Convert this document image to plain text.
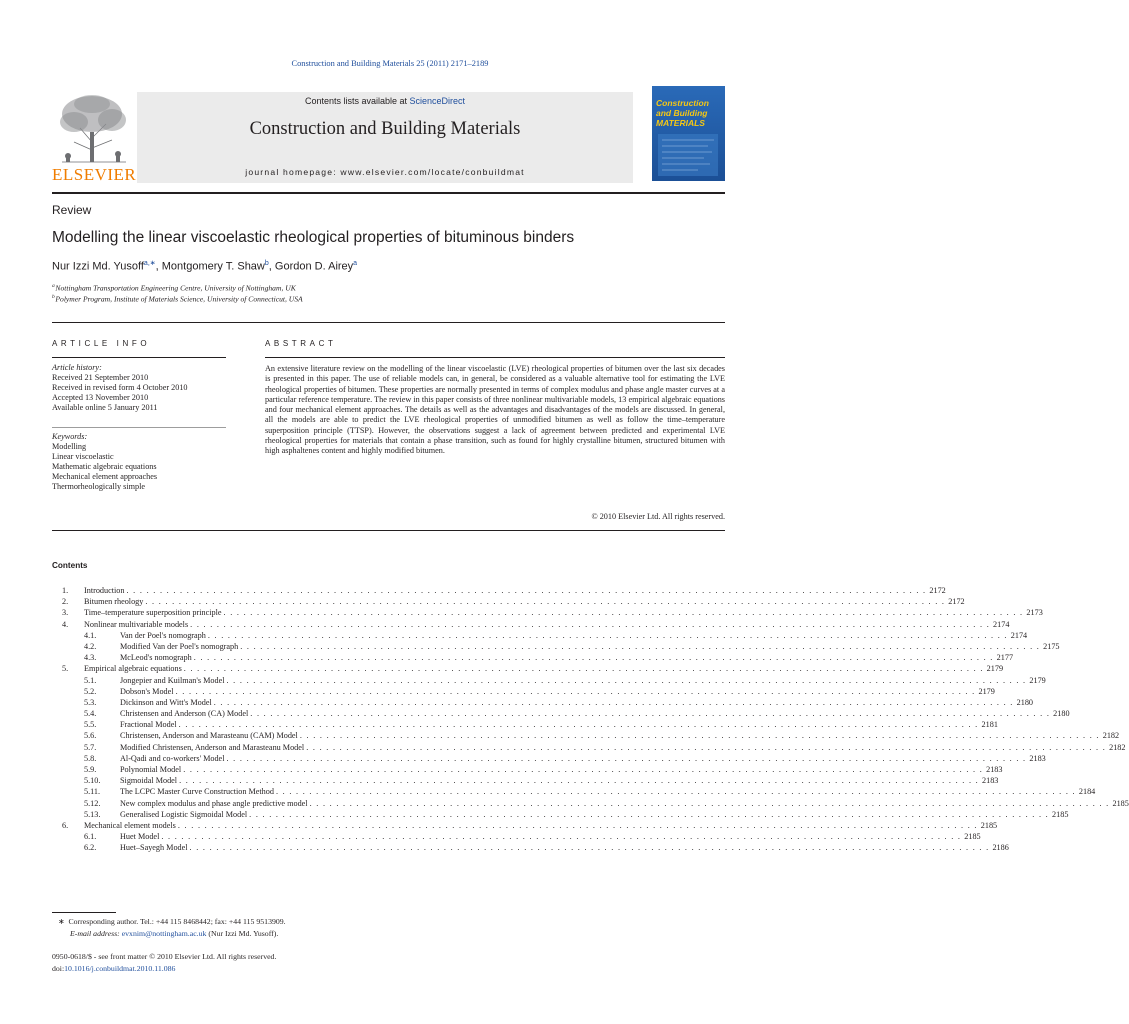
Construction and Building Materials 25 (2011) 2171–2189
ELSEVIER
Contents lists available at ScienceDirect
Construction and Building Materials
journal homepage: www.elsevier.com/locate/conbuildmat
Construction and Building MATERIALS
Review
Modelling the linear viscoelastic rheological properties of bituminous binders
Nur Izzi Md. Yusoff$^{a,∗}$, Montgomery T. Shaw$^b$, Gordon D. Airey$^a$
$^a$ Nottingham Transportation Engineering Centre, University of Nottingham, UK
$^b$ Polymer Program, Institute of Materials Science, University of Connecticut, USA
ARTICLE INFO
Article history:
Received 21 September 2010
Received in revised form 4 October 2010
Accepted 13 November 2010
Available online 5 January 2011
Keywords:
Modelling
Linear viscoelastic
Mathematic algebraic equations
Mechanical element approaches
Thermorheologically simple
ABSTRACT
An extensive literature review on the modelling of the linear viscoelastic (LVE) rheological properties of bitumen over the last six decades is presented in this paper. The use of reliable models can, in general, be considered as a valuable alternative tool for estimating the LVE rheological properties of bitumen. These properties are normally presented in terms of complex modulus and phase angle master curves at a particular reference temperature. The review in this paper consists of three nonlinear multivariable models, 13 empirical algebraic equations and four mechanical element approaches. The details as well as the advantages and disadvantages of the models are discussed. In general, all the models are able to predict the LVE rheological properties of unmodified bitumen as well as follow the time–temperature superposition principle (TTSP). However, the observations suggest a lack of agreement between predicted and experimental LVE rheological properties for materials that contain a phase transition, such as found for highly crystalline bitumen, structured bitumen with high asphaltenes content and highly modified bitumen.
© 2010 Elsevier Ltd. All rights reserved.
Contents
1.	Introduction . . . . . . . . . . . . . . . . . . . . . . . . . . . . . . . . . . . . . . . . . . . . . . . . . . . . . . . . . . . . . . . . . . . . . . . . . . . . . . . . . . . . . . . . . . . . . . . . . . . . . . . . . . . . . . . . . . . . . . . . 2172
2.	Bitumen rheology . . . . . . . . . . . . . . . . . . . . . . . . . . . . . . . . . . . . . . . . . . . . . . . . . . . . . . . . . . . . . . . . . . . . . . . . . . . . . . . . . . . . . . . . . . . . . . . . . . . . . . . . . . . . . . . . . . . . . . . . 2172
3.	Time–temperature superposition principle . . . . . . . . . . . . . . . . . . . . . . . . . . . . . . . . . . . . . . . . . . . . . . . . . . . . . . . . . . . . . . . . . . . . . . . . . . . . . . . . . . . . . . . . . . . . . . . . . . . . . . . . . . . . . . . . . . . . . . . . 2173
4.	Nonlinear multivariable models . . . . . . . . . . . . . . . . . . . . . . . . . . . . . . . . . . . . . . . . . . . . . . . . . . . . . . . . . . . . . . . . . . . . . . . . . . . . . . . . . . . . . . . . . . . . . . . . . . . . . . . . . . . . . . . . . . . . . . . . 2174
4.1.	Van der Poel's nomograph . . . . . . . . . . . . . . . . . . . . . . . . . . . . . . . . . . . . . . . . . . . . . . . . . . . . . . . . . . . . . . . . . . . . . . . . . . . . . . . . . . . . . . . . . . . . . . . . . . . . . . . . . . . . . . . . . . . . . . . . 2174
4.2.	Modified Van der Poel's nomograph . . . . . . . . . . . . . . . . . . . . . . . . . . . . . . . . . . . . . . . . . . . . . . . . . . . . . . . . . . . . . . . . . . . . . . . . . . . . . . . . . . . . . . . . . . . . . . . . . . . . . . . . . . . . . . . . . . . . . . . . 2175
4.3.	McLeod's nomograph . . . . . . . . . . . . . . . . . . . . . . . . . . . . . . . . . . . . . . . . . . . . . . . . . . . . . . . . . . . . . . . . . . . . . . . . . . . . . . . . . . . . . . . . . . . . . . . . . . . . . . . . . . . . . . . . . . . . . . . . 2177
5.	Empirical algebraic equations . . . . . . . . . . . . . . . . . . . . . . . . . . . . . . . . . . . . . . . . . . . . . . . . . . . . . . . . . . . . . . . . . . . . . . . . . . . . . . . . . . . . . . . . . . . . . . . . . . . . . . . . . . . . . . . . . . . . . . . . 2179
5.1.	Jongepier and Kuilman's Model . . . . . . . . . . . . . . . . . . . . . . . . . . . . . . . . . . . . . . . . . . . . . . . . . . . . . . . . . . . . . . . . . . . . . . . . . . . . . . . . . . . . . . . . . . . . . . . . . . . . . . . . . . . . . . . . . . . . . . . . 2179
5.2.	Dobson's Model . . . . . . . . . . . . . . . . . . . . . . . . . . . . . . . . . . . . . . . . . . . . . . . . . . . . . . . . . . . . . . . . . . . . . . . . . . . . . . . . . . . . . . . . . . . . . . . . . . . . . . . . . . . . . . . . . . . . . . . . 2179
5.3.	Dickinson and Witt's Model . . . . . . . . . . . . . . . . . . . . . . . . . . . . . . . . . . . . . . . . . . . . . . . . . . . . . . . . . . . . . . . . . . . . . . . . . . . . . . . . . . . . . . . . . . . . . . . . . . . . . . . . . . . . . . . . . . . . . . . . 2180
5.4.	Christensen and Anderson (CA) Model . . . . . . . . . . . . . . . . . . . . . . . . . . . . . . . . . . . . . . . . . . . . . . . . . . . . . . . . . . . . . . . . . . . . . . . . . . . . . . . . . . . . . . . . . . . . . . . . . . . . . . . . . . . . . . . . . . . . . . . . 2180
5.5.	Fractional Model . . . . . . . . . . . . . . . . . . . . . . . . . . . . . . . . . . . . . . . . . . . . . . . . . . . . . . . . . . . . . . . . . . . . . . . . . . . . . . . . . . . . . . . . . . . . . . . . . . . . . . . . . . . . . . . . . . . . . . . . 2181
5.6.	Christensen, Anderson and Marasteanu (CAM) Model . . . . . . . . . . . . . . . . . . . . . . . . . . . . . . . . . . . . . . . . . . . . . . . . . . . . . . . . . . . . . . . . . . . . . . . . . . . . . . . . . . . . . . . . . . . . . . . . . . . . . . . . . . . . . . . . . . . . . . . . 2182
5.7.	Modified Christensen, Anderson and Marasteanu Model . . . . . . . . . . . . . . . . . . . . . . . . . . . . . . . . . . . . . . . . . . . . . . . . . . . . . . . . . . . . . . . . . . . . . . . . . . . . . . . . . . . . . . . . . . . . . . . . . . . . . . . . . . . . . . . . . . . . . . . . 2182
5.8.	Al-Qadi and co-workers' Model . . . . . . . . . . . . . . . . . . . . . . . . . . . . . . . . . . . . . . . . . . . . . . . . . . . . . . . . . . . . . . . . . . . . . . . . . . . . . . . . . . . . . . . . . . . . . . . . . . . . . . . . . . . . . . . . . . . . . . . . 2183
5.9.	Polynomial Model . . . . . . . . . . . . . . . . . . . . . . . . . . . . . . . . . . . . . . . . . . . . . . . . . . . . . . . . . . . . . . . . . . . . . . . . . . . . . . . . . . . . . . . . . . . . . . . . . . . . . . . . . . . . . . . . . . . . . . . . 2183
5.10.	Sigmoidal Model . . . . . . . . . . . . . . . . . . . . . . . . . . . . . . . . . . . . . . . . . . . . . . . . . . . . . . . . . . . . . . . . . . . . . . . . . . . . . . . . . . . . . . . . . . . . . . . . . . . . . . . . . . . . . . . . . . . . . . . . 2183
5.11.	The LCPC Master Curve Construction Method . . . . . . . . . . . . . . . . . . . . . . . . . . . . . . . . . . . . . . . . . . . . . . . . . . . . . . . . . . . . . . . . . . . . . . . . . . . . . . . . . . . . . . . . . . . . . . . . . . . . . . . . . . . . . . . . . . . . . . . . 2184
5.12.	New complex modulus and phase angle predictive model . . . . . . . . . . . . . . . . . . . . . . . . . . . . . . . . . . . . . . . . . . . . . . . . . . . . . . . . . . . . . . . . . . . . . . . . . . . . . . . . . . . . . . . . . . . . . . . . . . . . . . . . . . . . . . . . . . . . . . . . 2185
5.13.	Generalised Logistic Sigmoidal Model . . . . . . . . . . . . . . . . . . . . . . . . . . . . . . . . . . . . . . . . . . . . . . . . . . . . . . . . . . . . . . . . . . . . . . . . . . . . . . . . . . . . . . . . . . . . . . . . . . . . . . . . . . . . . . . . . . . . . . . . 2185
6.	Mechanical element models . . . . . . . . . . . . . . . . . . . . . . . . . . . . . . . . . . . . . . . . . . . . . . . . . . . . . . . . . . . . . . . . . . . . . . . . . . . . . . . . . . . . . . . . . . . . . . . . . . . . . . . . . . . . . . . . . . . . . . . . 2185
6.1.	Huet Model . . . . . . . . . . . . . . . . . . . . . . . . . . . . . . . . . . . . . . . . . . . . . . . . . . . . . . . . . . . . . . . . . . . . . . . . . . . . . . . . . . . . . . . . . . . . . . . . . . . . . . . . . . . . . . . . . . . . . . . . 2185
6.2.	Huet–Sayegh Model . . . . . . . . . . . . . . . . . . . . . . . . . . . . . . . . . . . . . . . . . . . . . . . . . . . . . . . . . . . . . . . . . . . . . . . . . . . . . . . . . . . . . . . . . . . . . . . . . . . . . . . . . . . . . . . . . . . . . . . . 2186
∗ Corresponding author. Tel.: +44 115 8468442; fax: +44 115 9513909.
E-mail address: evxnim@nottingham.ac.uk (Nur Izzi Md. Yusoff).
0950-0618/$ - see front matter © 2010 Elsevier Ltd. All rights reserved.
doi:10.1016/j.conbuildmat.2010.11.086
